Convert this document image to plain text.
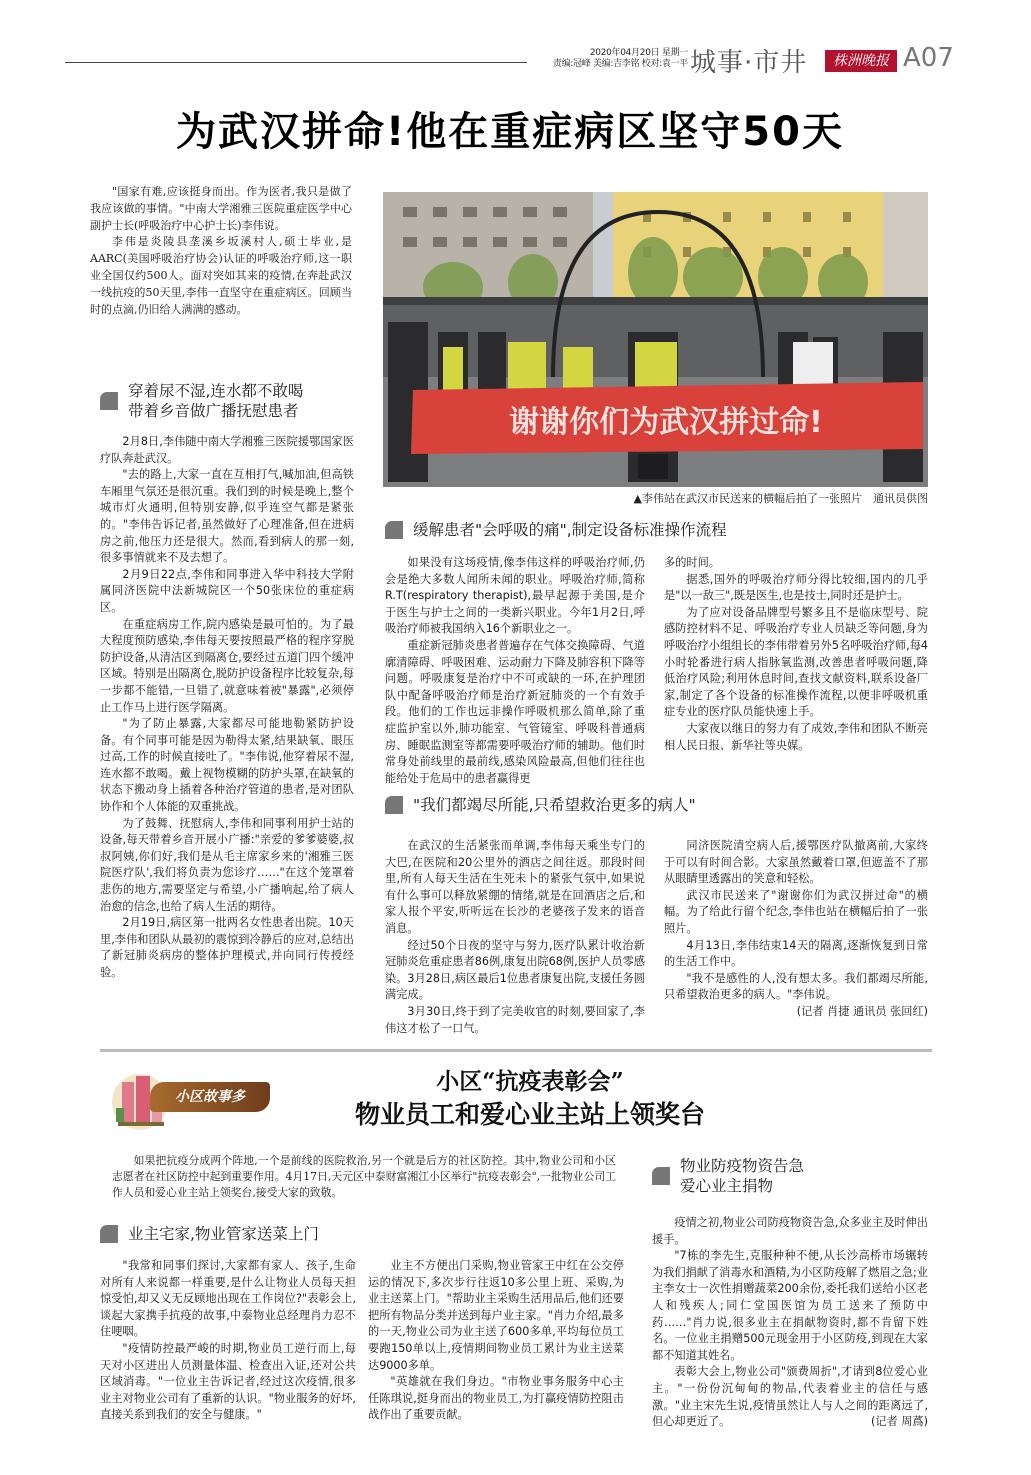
2020年04月20日 星期一
责编:冠峰 美编:吉李铭 校对:袁一平 城事·市井	株洲晚报 A07
为武汉拼命!他在重症病区坚守50天

"国家有难,应该挺身而出。作为医者,我只是做了我应该做的事情。"中南大学湘雅三医院重症医学中心副护士长(呼吸治疗中心护士长)李伟说。

李伟是炎陵县垄溪乡坂溪村人,硕士毕业,是AARC(美国呼吸治疗协会)认证的呼吸治疗师,这一职业全国仅约500人。面对突如其来的疫情,在奔赴武汉一线抗疫的50天里,李伟一直坚守在重症病区。回顾当时的点滴,仍旧给人满满的感动。

穿着尿不湿,连水都不敢喝
带着乡音做广播抚慰患者

2月8日,李伟随中南大学湘雅三医院援鄂国家医疗队奔赴武汉。

"去的路上,大家一直在互相打气,喊加油,但高铁车厢里气氛还是很沉重。我们到的时候是晚上,整个城市灯火通明,但特别安静,似乎连空气都是紧张的。"李伟告诉记者,虽然做好了心理准备,但在进病房之前,他压力还是很大。然而,看到病人的那一刻,很多事情就来不及去想了。

2月9日22点,李伟和同事进入华中科技大学附属同济医院中法新城院区一个50张床位的重症病区。

在重症病房工作,院内感染是最可怕的。为了最大程度预防感染,李伟每天要按照最严格的程序穿脱防护设备,从清洁区到隔离仓,要经过五道门四个缓冲区域。特别是出隔离仓,脱防护设备程序比较复杂,每一步都不能错,一旦错了,就意味着被"暴露",必须停止工作马上进行医学隔离。

"为了防止暴露,大家都尽可能地勒紧防护设备。有个同事可能是因为勒得太紧,结果缺氧、眼压过高,工作的时候直接吐了。"李伟说,他穿着尿不湿,连水都不敢喝。戴上视物模糊的防护头罩,在缺氧的状态下搬动身上插着各种治疗管道的患者,是对团队协作和个人体能的双重挑战。

为了鼓舞、抚慰病人,李伟和同事利用护士站的设备,每天带着乡音开展小广播:"亲爱的爹爹婆婆,叔叔阿姨,你们好,我们是从毛主席家乡来的'湘雅三医院医疗队',我们将负责为您诊疗……"在这个笼罩着悲伤的地方,需要坚定与希望,小广播响起,给了病人治愈的信念,也给了病人生活的期待。

2月19日,病区第一批两名女性患者出院。10天里,李伟和团队从最初的震惊到冷静后的应对,总结出了新冠肺炎病房的整体护理模式,并向同行传授经验。

谢谢你们为武汉拼过命!
▲李伟站在武汉市民送来的横幅后拍了一张照片　通讯员供图
缓解患者"会呼吸的痛",制定设备标准操作流程

如果没有这场疫情,像李伟这样的呼吸治疗师,仍会是绝大多数人闻所未闻的职业。呼吸治疗师,简称R.T(respiratory therapist),最早起源于美国,是介于医生与护士之间的一类新兴职业。今年1月2日,呼吸治疗师被我国纳入16个新职业之一。

重症新冠肺炎患者普遍存在气体交换障碍、气道廓清障碍、呼吸困难、运动耐力下降及肺容积下降等问题。呼吸康复是治疗中不可或缺的一环,在护理团队中配备呼吸治疗师是治疗新冠肺炎的一个有效手段。他们的工作也远非操作呼吸机那么简单,除了重症监护室以外,肺功能室、气管镜室、呼吸科普通病房、睡眠监测室等都需要呼吸治疗师的辅助。他们时常身处前线里的最前线,感染风险最高,但他们往往也能给处于危局中的患者赢得更

多的时间。

据悉,国外的呼吸治疗师分得比较细,国内的几乎是"以一敌三",既是医生,也是技士,同时还是护士。

为了应对设备品牌型号繁多且不是临床型号、院感防控材料不足、呼吸治疗专业人员缺乏等问题,身为呼吸治疗小组组长的李伟带着另外5名呼吸治疗师,每4小时轮番进行病人指脉氧监测,改善患者呼吸问题,降低治疗风险;利用休息时间,查找文献资料,联系设备厂家,制定了各个设备的标准操作流程,以便非呼吸机重症专业的医疗队员能快速上手。

大家夜以继日的努力有了成效,李伟和团队不断亮相人民日报、新华社等央媒。

"我们都竭尽所能,只希望救治更多的病人"

在武汉的生活紧张而单调,李伟每天乘坐专门的大巴,在医院和20公里外的酒店之间往返。那段时间里,所有人每天生活在生死未卜的紧张气氛中,如果说有什么事可以释放紧绷的情绪,就是在回酒店之后,和家人报个平安,听听远在长沙的老婆孩子发来的语音消息。

经过50个日夜的坚守与努力,医疗队累计收治新冠肺炎危重症患者86例,康复出院68例,医护人员零感染。3月28日,病区最后1位患者康复出院,支援任务圆满完成。

3月30日,终于到了完美收官的时刻,要回家了,李伟这才松了一口气。

同济医院清空病人后,援鄂医疗队撤离前,大家终于可以有时间合影。大家虽然戴着口罩,但遮盖不了那从眼睛里透露出的笑意和轻松。

武汉市民送来了"谢谢你们为武汉拼过命"的横幅。为了给此行留个纪念,李伟也站在横幅后拍了一张照片。

4月13日,李伟结束14天的隔离,逐渐恢复到日常的生活工作中。

"我不是感性的人,没有想太多。我们都竭尽所能,只希望救治更多的病人。"李伟说。

(记者 肖捷 通讯员 张回红)
小区故事多
小区“抗疫表彰会”
物业员工和爱心业主站上领奖台

如果把抗疫分成两个阵地,一个是前线的医院救治,另一个就是后方的社区防控。其中,物业公司和小区志愿者在社区防控中起到重要作用。4月17日,天元区中泰财富湘江小区举行"抗疫表彰会",一批物业公司工作人员和爱心业主站上领奖台,接受大家的致敬。

业主宅家,物业管家送菜上门

"我常和同事们探讨,大家都有家人、孩子,生命对所有人来说都一样重要,是什么让物业人员每天担惊受怕,却又义无反顾地出现在工作岗位?"表彰会上,谈起大家携手抗疫的故事,中泰物业总经理肖力忍不住哽咽。

"疫情防控最严峻的时期,物业员工逆行而上,每天对小区进出人员测量体温、检查出入证,还对公共区域消毒。"一位业主告诉记者,经过这次疫情,很多业主对物业公司有了重新的认识。"物业服务的好坏,直接关系到我们的安全与健康。"

业主不方便出门采购,物业管家王中红在公交停运的情况下,多次步行往返10多公里上班、采购,为业主送菜上门。"帮助业主采购生活用品后,他们还要把所有物品分类并送到每户业主家。"肖力介绍,最多的一天,物业公司为业主送了600多单,平均每位员工要跑150单以上,疫情期间物业员工累计为业主送菜达9000多单。

"英雄就在我们身边。"市物业事务服务中心主任陈琪说,挺身而出的物业员工,为打赢疫情防控阻击战作出了重要贡献。

物业防疫物资告急
爱心业主捐物

疫情之初,物业公司防疫物资告急,众多业主及时伸出援手。

"7栋的李先生,克服种种不便,从长沙高桥市场辗转为我们捐献了消毒水和酒精,为小区防疫解了燃眉之急;业主李女士一次性捐赠蔬菜200余份,委托我们送给小区老人和残疾人;同仁堂国医馆为员工送来了预防中药……"肖力说,很多业主在捐献物资时,都不肯留下姓名。一位业主捐赠500元现金用于小区防疫,到现在大家都不知道其姓名。

表彰大会上,物业公司"颁费周折",才请到8位爱心业主。"一份份沉甸甸的物品,代表着业主的信任与感激。"业主宋先生说,疫情虽然让人与人之间的距离远了,但心却更近了。	(记者 周蔿)
